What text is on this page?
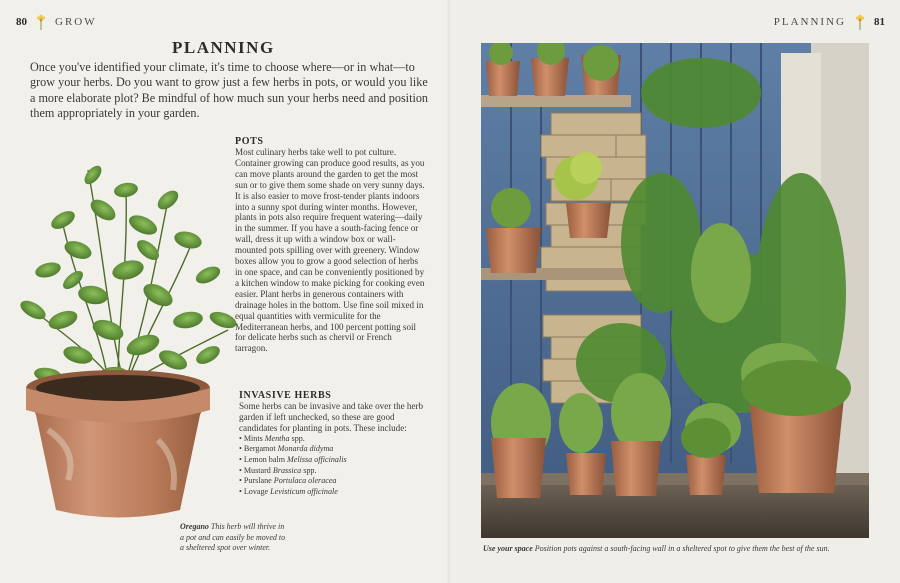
80	GROW
PLANNING
Once you've identified your climate, it's time to choose where—or in what—to grow your herbs. Do you want to grow just a few herbs in pots, or would you like a more elaborate plot? Be mindful of how much sun your herbs need and position them appropriately in your garden.
Oregano This herb will thrive in a pot and can easily be moved to a sheltered spot over winter.
POTS
Most culinary herbs take well to pot culture. Container growing can produce good results, as you can move plants around the garden to get the most sun or to give them some shade on very sunny days. It is also easier to move frost-tender plants indoors into a sunny spot during winter months. However, plants in pots also require frequent watering—daily in the summer. If you have a south-facing fence or wall, dress it up with a window box or wall-mounted pots spilling over with greenery. Window boxes allow you to grow a good selection of herbs in one space, and can be conveniently positioned by a kitchen window to make picking for cooking even easier. Plant herbs in generous containers with drainage holes in the bottom. Use fine soil mixed in equal quantities with vermiculite for the Mediterranean herbs, and 100 percent potting soil for delicate herbs such as chervil or French tarragon.
INVASIVE HERBS
Some herbs can be invasive and take over the herb garden if left unchecked, so these are good candidates for planting in pots. These include:
• Mints Mentha spp.
• Bergamot Monarda didyma
• Lemon balm Melissa officinalis
• Mustard Brassica spp.
• Purslane Portulaca oleracea
• Lovage Levisticum officinale
PLANNING	81
Use your space Position pots against a south-facing wall in a sheltered spot to give them the best of the sun.
